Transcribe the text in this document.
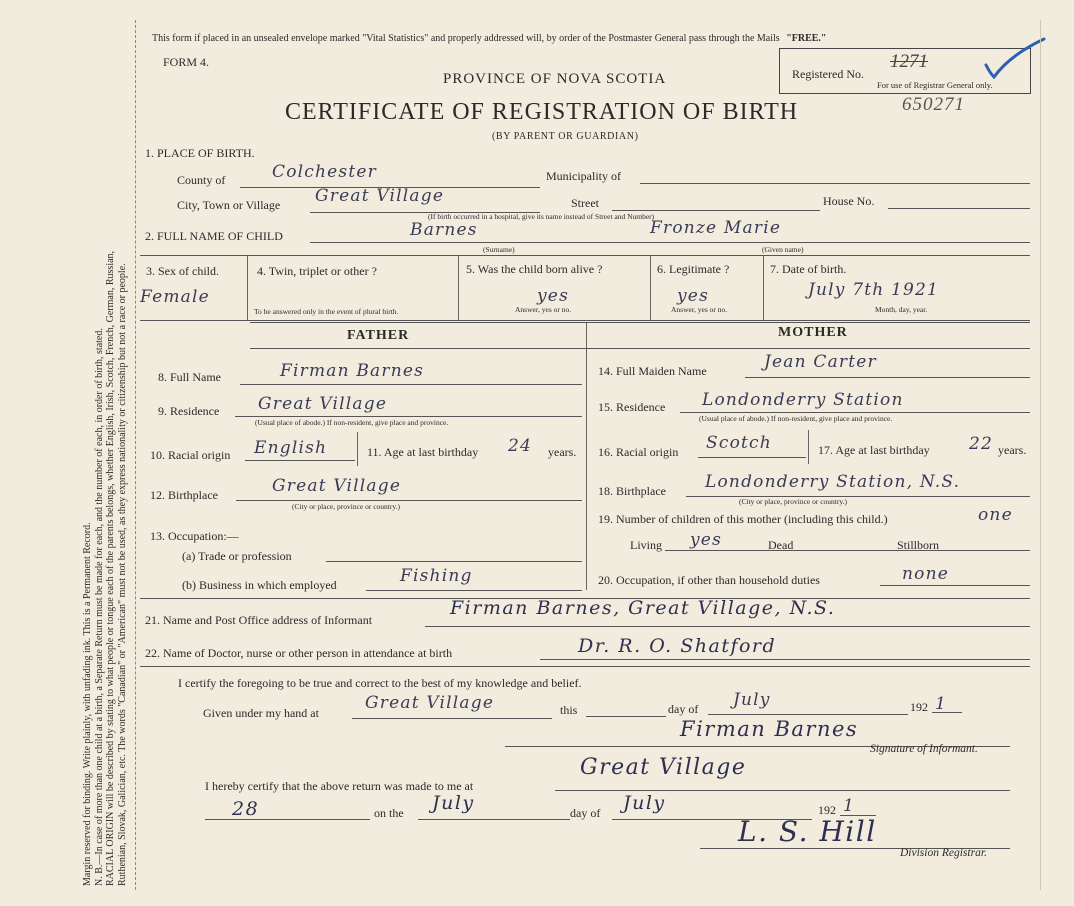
Margin reserved for binding. Write plainly, with unfading ink. This is a Permanent Record. N. B.—In case of more than one child at a birth, a Separate Return must be made for each, and the number of each, in order of birth, stated. RACIAL ORIGIN will be described by stating to what people or tongue each of the parents belongs, whether English, Irish, Scotch, French, German, Russian, Ruthenian, Slovak, Galician, etc. The words "Canadian" or "American" must not be used, as they express nationality or citizenship but not a race or people.
This form if placed in an unsealed envelope marked "Vital Statistics" and properly addressed will, by order of the Postmaster General pass through the Mails "FREE."
FORM 4.
Registered No.
1271
For use of Registrar General only.
650271
PROVINCE OF NOVA SCOTIA
CERTIFICATE OF REGISTRATION OF BIRTH
(BY PARENT OR GUARDIAN)
1. PLACE OF BIRTH.
County of	Colchester	Municipality of
City, Town or Village Great Village	Street	House No.
(If birth occurred in a hospital, give its name instead of Street and Number)
2. FULL NAME OF CHILD	Barnes
(Surname)
Fronze Marie
(Given name)
3. Sex of child.
Female
4. Twin, triplet or other ?
To be answered only in the event of plural birth.
5. Was the child born alive ?
yes
Answer, yes or no.
6. Legitimate ?
yes
Answer, yes or no.
7. Date of birth.
July 7th 1921
Month, day, year.
FATHER	MOTHER
8. Full Name	Firman Barnes
9. Residence Great Village
(Usual place of abode.) If non-resident, give place and province.
10. Racial origin English	11. Age at last birthday 24 years.
12. Birthplace	Great Village
(City or place, province or country.)
13. Occupation:—
(a) Trade or profession
(b) Business in which employed	Fishing
14. Full Maiden Name	Jean Carter
15. Residence Londonderry Station
(Usual place of abode.) If non-resident, give place and province.
16. Racial origin Scotch	17. Age at last birthday 22 years.
18. Birthplace Londonderry Station, N.S.
(City or place, province or country.)
19. Number of children of this mother (including this child.)	one
Living yes	Dead	Stillborn
20. Occupation, if other than household duties	none
21. Name and Post Office address of Informant
Firman Barnes, Great Village, N.S.
22. Name of Doctor, nurse or other person in attendance at birth	Dr. R. O. Shatford
I certify the foregoing to be true and correct to the best of my knowledge and belief.
Given under my hand at	Great Village	this	day of July	192 1
Firman Barnes
Signature of Informant.
I hereby certify that the above return was made to me at
Great Village
28	on the July	day of July	192 1
L. S. Hill
Division Registrar.
